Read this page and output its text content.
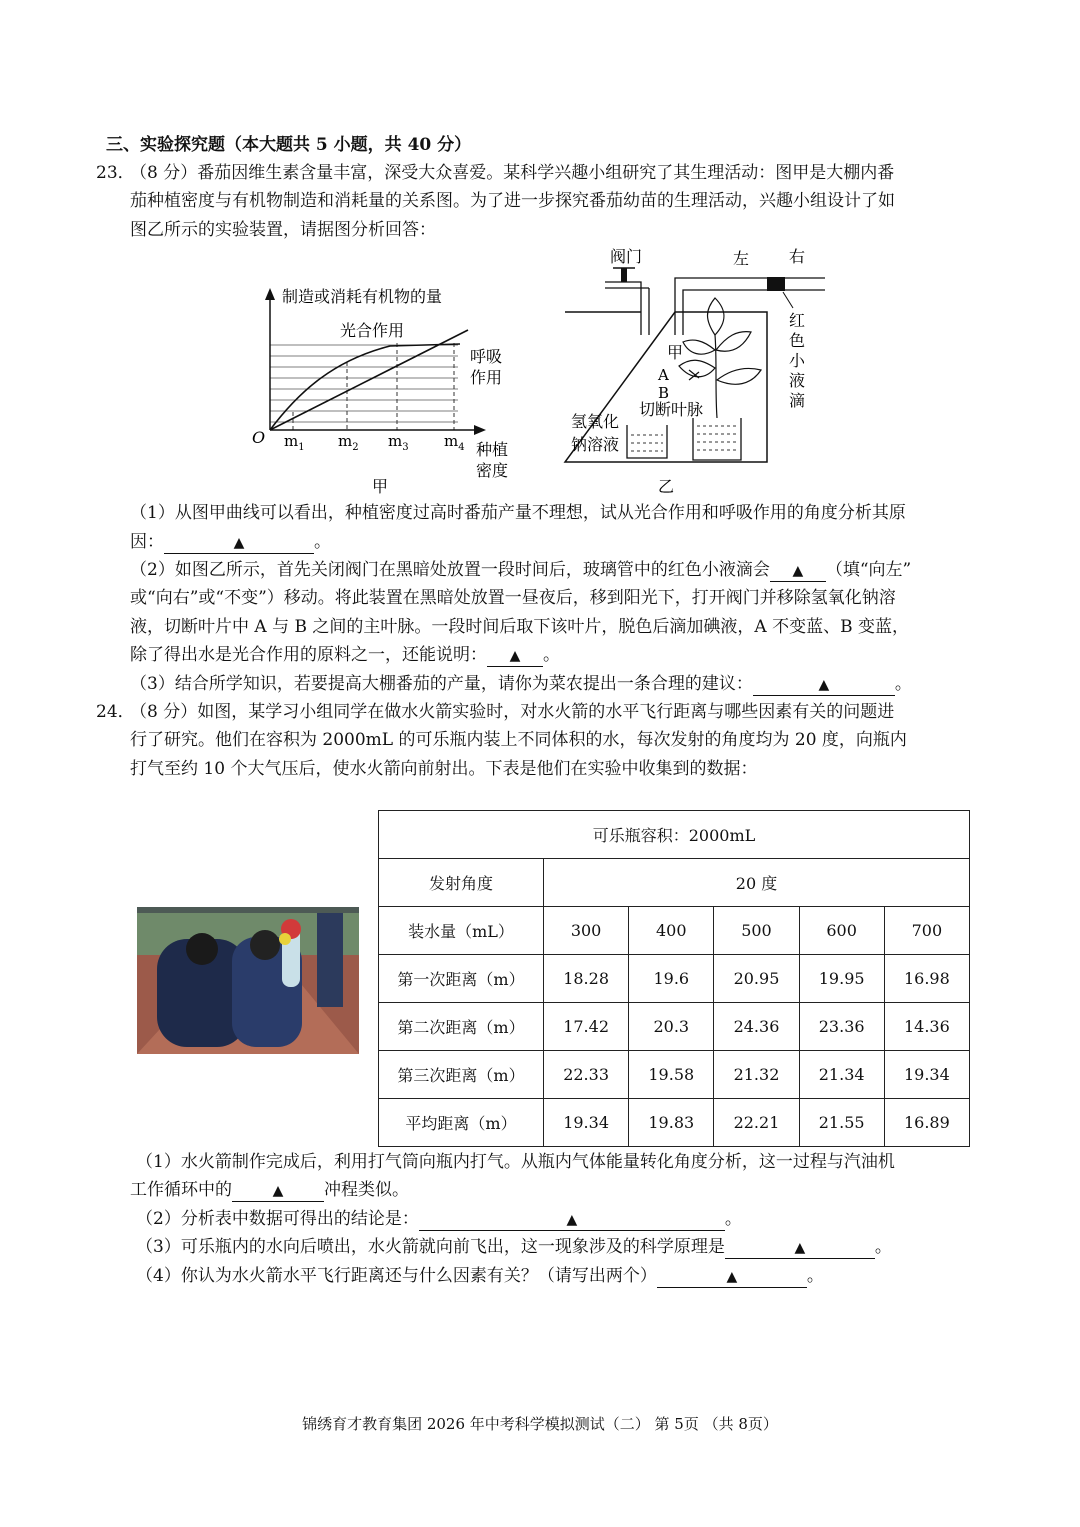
三、实验探究题（本大题共 5 小题，共 40 分）
23．
（8 分）番茄因维生素含量丰富，深受大众喜爱。某科学兴趣小组研究了其生理活动：图甲是大棚内番
茄种植密度与有机物制造和消耗量的关系图。为了进一步探究番茄幼苗的生理活动，兴趣小组设计了如
图乙所示的实验装置，请据图分析回答：
制造或消耗有机物的量
光合作用
呼吸
作用
O $m_1$ $m_2$ $m_3$ $m_4$ 种植
密度
甲
阀门	左 右
红
色
小
液
滴
甲
A
B
切断叶脉
氢氧化
钠溶液
乙
（1）从图甲曲线可以看出，种植密度过高时番茄产量不理想，试从光合作用和呼吸作用的角度分析其原
因：	▲	。
（2）如图乙所示，首先关闭阀门在黑暗处放置一段时间后，玻璃管中的红色小液滴会 ▲ （填“向左”
或“向右”或“不变”）移动。将此装置在黑暗处放置一昼夜后，移到阳光下，打开阀门并移除氢氧化钠溶
液，切断叶片中 A 与 B 之间的主叶脉。一段时间后取下该叶片，脱色后滴加碘液，A 不变蓝、B 变蓝，
除了得出水是光合作用的原料之一，还能说明： ▲ 。
（3）结合所学知识，若要提高大棚番茄的产量，请你为菜农提出一条合理的建议：	▲	。
24．
（8 分）如图，某学习小组同学在做水火箭实验时，对水火箭的水平飞行距离与哪些因素有关的问题进
行了研究。他们在容积为 2000mL 的可乐瓶内装上不同体积的水，每次发射的角度均为 20 度，向瓶内
打气至约 10 个大气压后，使水火箭向前射出。下表是他们在实验中收集到的数据：
可乐瓶容积：2000mL					
发射角度	20 度				
装水量（mL）	300	400	500	600	700
第一次距离（m）	18.28	19.6	20.95	19.95	16.98
第二次距离（m）	17.42	20.3	24.36	23.36	14.36
第三次距离（m）	22.33	19.58	21.32	21.34	19.34
平均距离（m）	19.34	19.83	22.21	21.55	16.89
（1）水火箭制作完成后，利用打气筒向瓶内打气。从瓶内气体能量转化角度分析，这一过程与汽油机
工作循环中的	▲ 冲程类似。
（2）分析表中数据可得出的结论是：	▲	。
（3）可乐瓶内的水向后喷出，水火箭就向前飞出，这一现象涉及的科学原理是	▲	。
（4）你认为水火箭水平飞行距离还与什么因素有关？（请写出两个）	▲	。
锦绣育才教育集团 2026 年中考科学模拟测试（二） 第 5页 （共 8页）
